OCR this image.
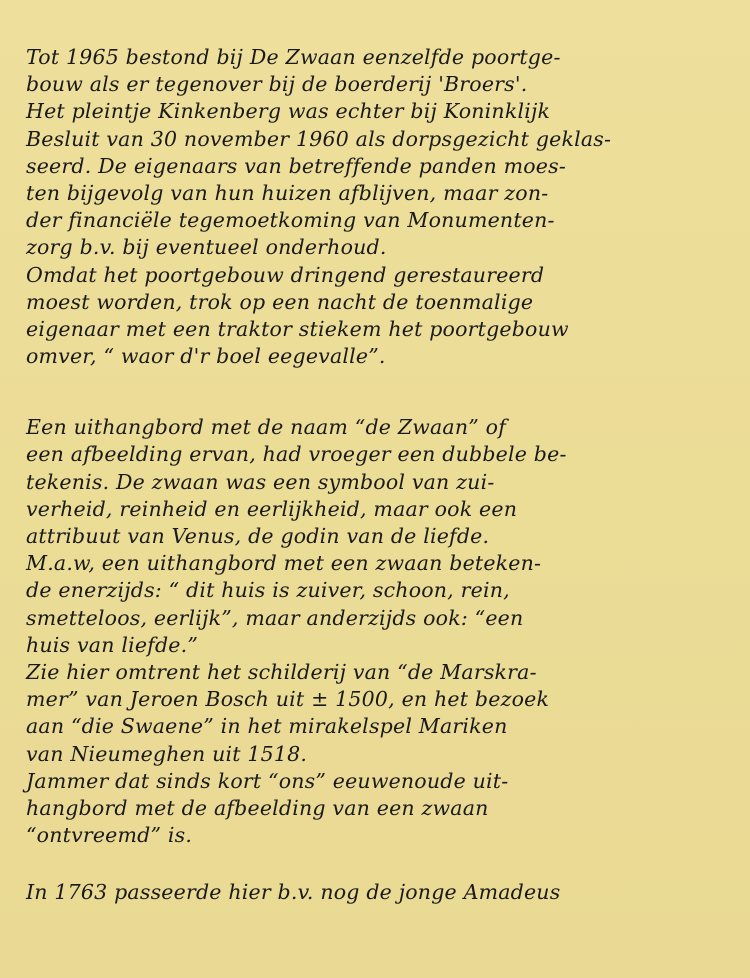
Tot 1965 bestond bij De Zwaan eenzelfde poortge-
bouw als er tegenover bij de boerderij 'Broers'.
Het pleintje Kinkenberg was echter bij Koninklijk
Besluit van 30 november 1960 als dorpsgezicht geklas-
seerd. De eigenaars van betreffende panden moes-
ten bijgevolg van hun huizen afblijven, maar zon-
der financiële tegemoetkoming van Monumenten-
zorg b.v. bij eventueel onderhoud.
Omdat het poortgebouw dringend gerestaureerd
moest worden, trok op een nacht de toenmalige
eigenaar met een traktor stiekem het poortgebouw
omver, “ waor d'r boel eegevalle”.
Een uithangbord met de naam “de Zwaan” of
een afbeelding ervan, had vroeger een dubbele be-
tekenis. De zwaan was een symbool van zui-
verheid, reinheid en eerlijkheid, maar ook een
attribuut van Venus, de godin van de liefde.
M.a.w, een uithangbord met een zwaan beteken-
de enerzijds: “ dit huis is zuiver, schoon, rein,
smetteloos, eerlijk”, maar anderzijds ook: “een
huis van liefde.”
Zie hier omtrent het schilderij van “de Marskra-
mer” van Jeroen Bosch uit ± 1500, en het bezoek
aan “die Swaene” in het mirakelspel Mariken
van Nieumeghen uit 1518.
Jammer dat sinds kort “ons” eeuwenoude uit-
hangbord met de afbeelding van een zwaan
“ontvreemd” is.
In 1763 passeerde hier b.v. nog de jonge Amadeus
